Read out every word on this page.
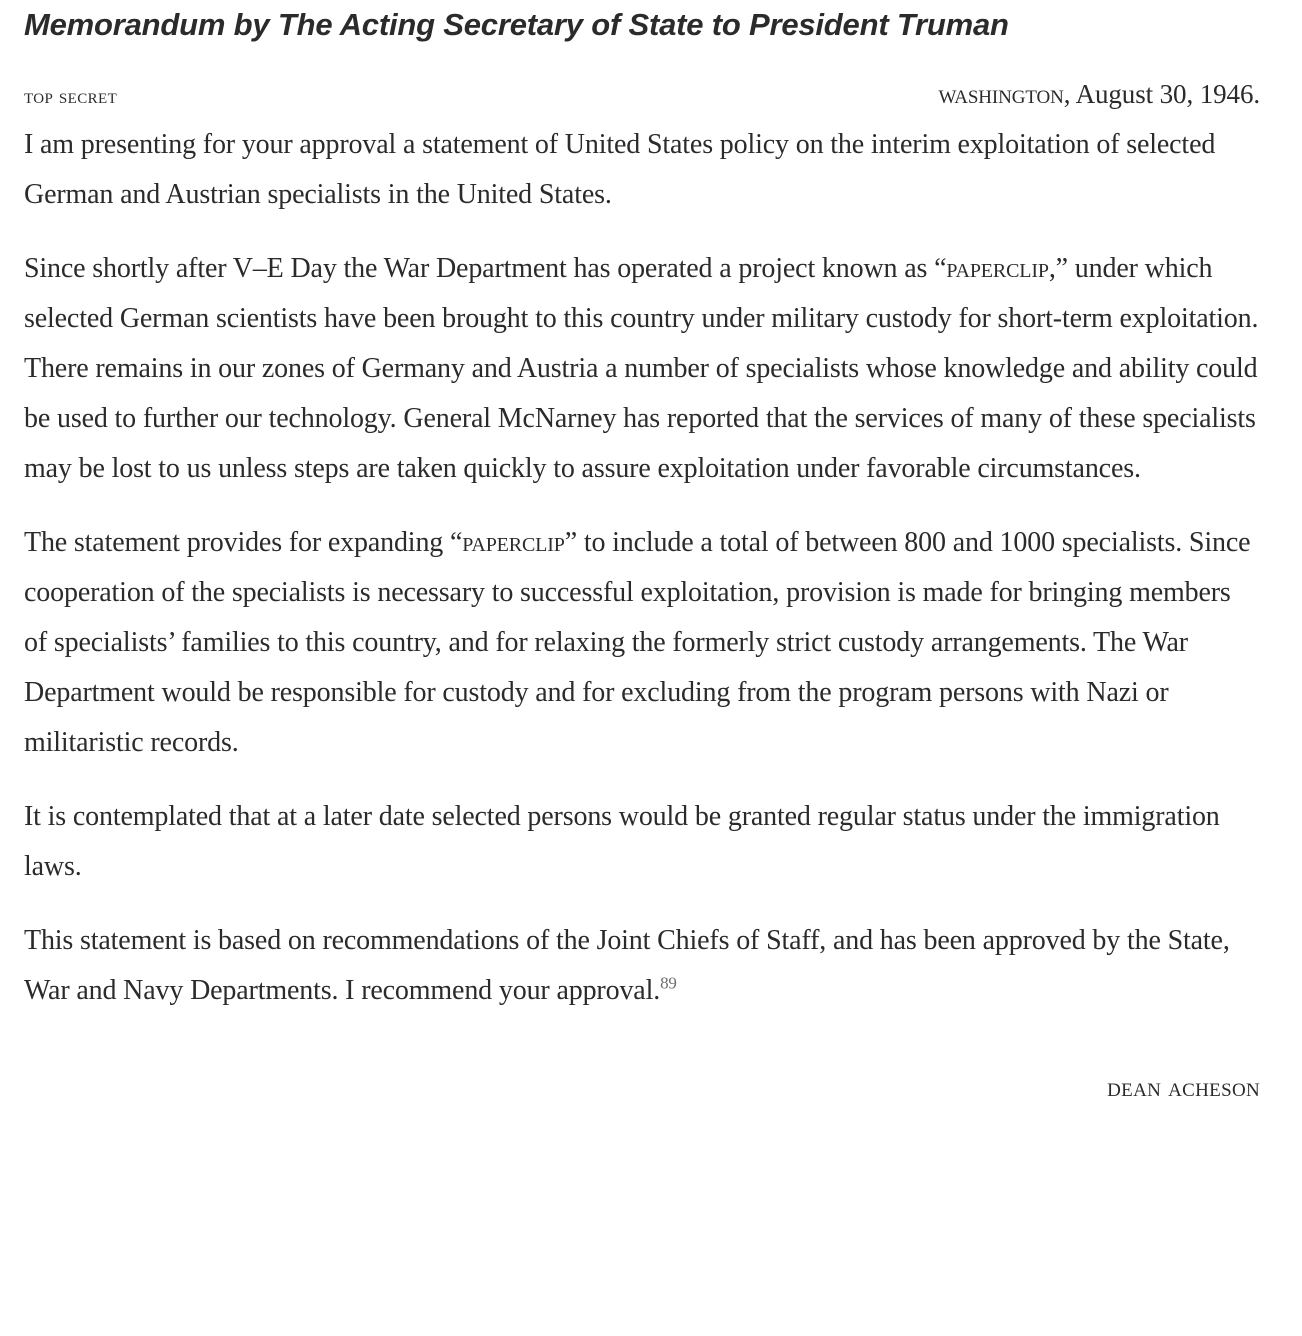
Memorandum by The Acting Secretary of State to President Truman
top secret	washington, August 30, 1946.

I am presenting for your approval a statement of United States policy on the interim exploitation of selected German and Austrian specialists in the United States.

Since shortly after V–E Day the War Department has operated a project known as “paperclip,” under which selected German scientists have been brought to this country under military custody for short-term exploitation. There remains in our zones of Germany and Austria a number of specialists whose knowledge and ability could be used to further our technology. General McNarney has reported that the services of many of these specialists may be lost to us unless steps are taken quickly to assure exploitation under favorable circumstances.

The statement provides for expanding “paperclip” to include a total of between 800 and 1000 specialists. Since cooperation of the specialists is necessary to successful exploitation, provision is made for bringing members of specialists’ families to this country, and for relaxing the formerly strict custody arrangements. The War Department would be responsible for custody and for excluding from the program persons with Nazi or militaristic records.

It is contemplated that at a later date selected persons would be granted regular status under the immigration laws.

This statement is based on recommendations of the Joint Chiefs of Staff, and has been approved by the State, War and Navy Departments. I recommend your approval.$^{89}$

dean acheson
